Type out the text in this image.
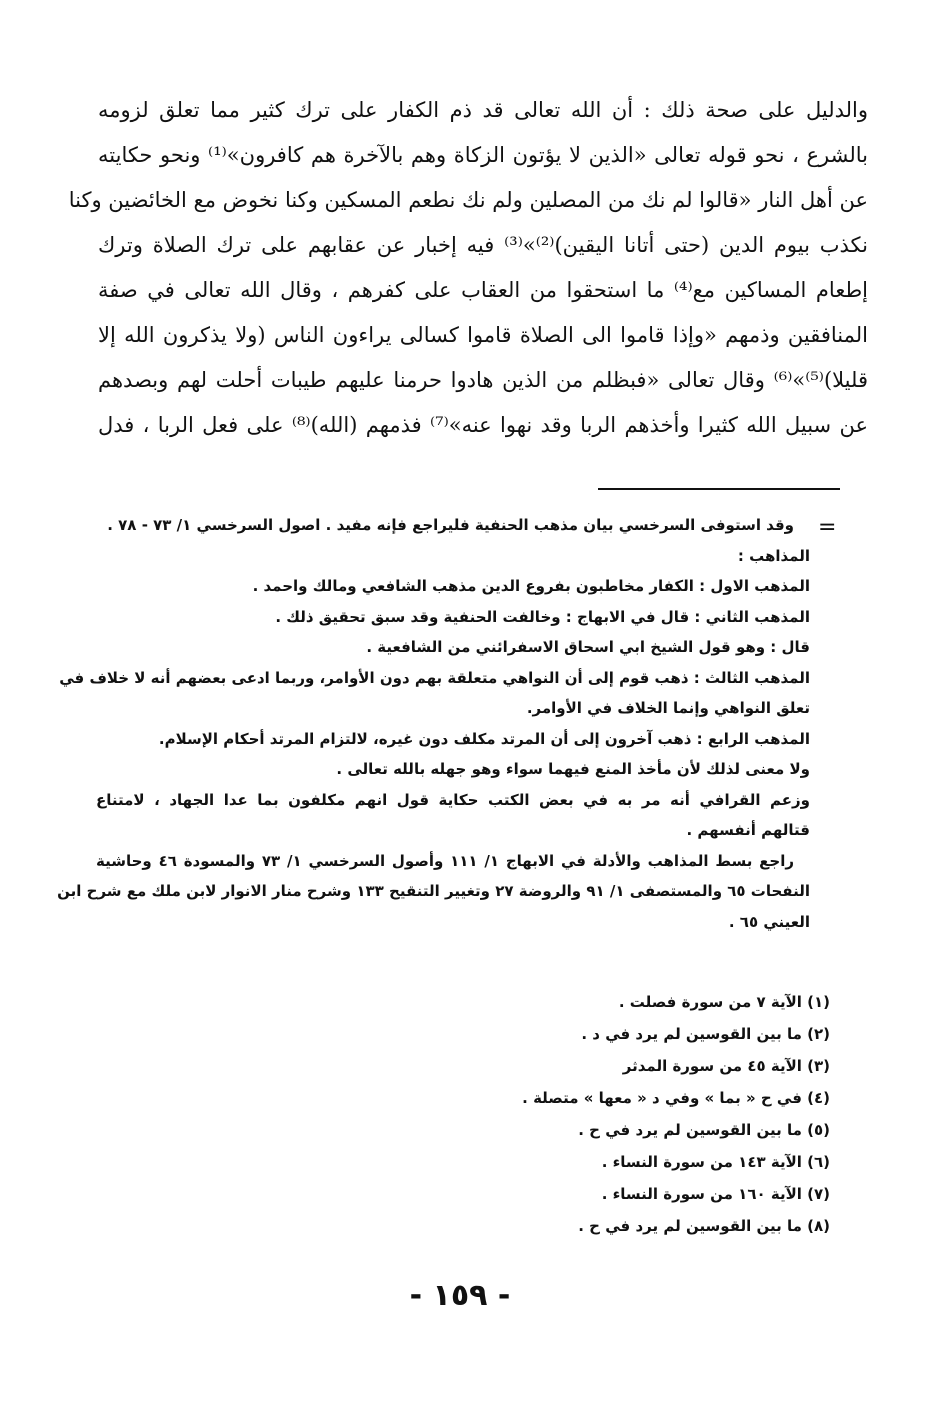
والدليل على صحة ذلك : أن الله تعالى قد ذم الكفار على ترك كثير مما تعلق لزومه
بالشرع ، نحو قوله تعالى «الذين لا يؤتون الزكاة وهم بالآخرة هم كافرون»⁽¹⁾ ونحو حكايته
عن أهل النار «قالوا لم نك من المصلين ولم نك نطعم المسكين وكنا نخوض مع الخائضين وكنا
نكذب بيوم الدين (حتى أتانا اليقين)⁽²⁾»⁽³⁾ فيه إخبار عن عقابهم على ترك الصلاة وترك
إطعام المساكين مع⁽⁴⁾ ما استحقوا من العقاب على كفرهم ، وقال الله تعالى في صفة
المنافقين وذمهم «وإذا قاموا الى الصلاة قاموا كسالى يراءون الناس (ولا يذكرون الله إلا
قليلا)⁽⁵⁾»⁽⁶⁾ وقال تعالى «فبظلم من الذين هادوا حرمنا عليهم طيبات أحلت لهم وبصدهم
عن سبيل الله كثيرا وأخذهم الربا وقد نهوا عنه»⁽⁷⁾ فذمهم (الله)⁽⁸⁾ على فعل الربا ، فدل
=
وقد استوفى السرخسي بيان مذهب الحنفية فليراجع فإنه مفيد . اصول السرخسي ١/ ٧٣ - ٧٨ .
المذاهب :
المذهب الاول : الكفار مخاطبون بفروع الدين مذهب الشافعي ومالك واحمد .
المذهب الثاني : قال في الابهاج : وخالفت الحنفية وقد سبق تحقيق ذلك .
قال : وهو قول الشيخ ابي اسحاق الاسفرائني من الشافعية .
المذهب الثالث : ذهب قوم إلى أن النواهي متعلقة بهم دون الأوامر، وربما ادعى بعضهم أنه لا خلاف في
تعلق النواهي وإنما الخلاف في الأوامر.
المذهب الرابع : ذهب آخرون إلى أن المرتد مكلف دون غيره، لالتزام المرتد أحكام الإسلام.
ولا معنى لذلك لأن مأخذ المنع فيهما سواء وهو جهله بالله تعالى .
وزعم القرافي أنه مر به في بعض الكتب حكاية قول انهم مكلفون بما عدا الجهاد ، لامتناع
قتالهم أنفسهم .
راجع بسط المذاهب والأدلة في الابهاج ١/ ١١١ وأصول السرخسي ١/ ٧٣ والمسودة ٤٦ وحاشية
النفحات ٦٥ والمستصفى ١/ ٩١ والروضة ٢٧ وتغيير التنقيح ١٣٣ وشرح منار الانوار لابن ملك مع شرح ابن
العيني ٦٥ .
(١) الآية ٧ من سورة فصلت .
(٢) ما بين القوسين لم يرد في د .
(٣) الآية ٤٥ من سورة المدثر
(٤) في ح « بما » وفي د « معها » متصلة .
(٥) ما بين القوسين لم يرد في ح .
(٦) الآية ١٤٣ من سورة النساء .
(٧) الآية ١٦٠ من سورة النساء .
(٨) ما بين القوسين لم يرد في ح .
- ١٥٩ -
